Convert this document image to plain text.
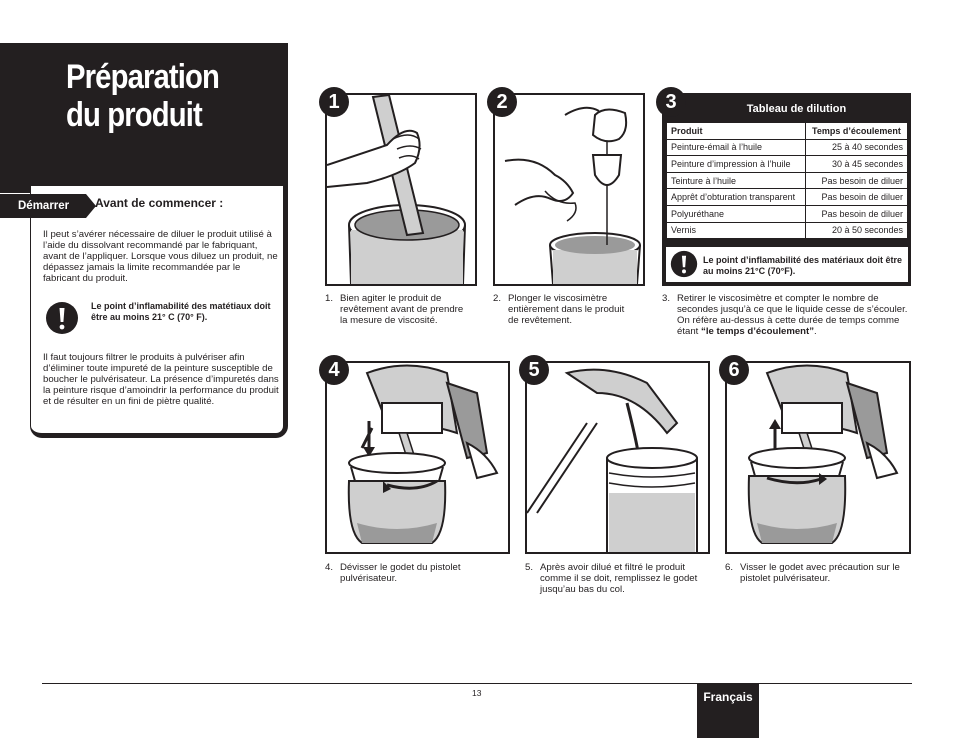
Préparation
du produit
Démarrer	Avant de commencer :

Il peut s’avérer nécessaire de diluer le produit utilisé à l’aide du dissolvant recommandé par le fabriquant, avant de l’appliquer. Lorsque vous diluez un produit, ne dépassez jamais la limite recommandée par le fabricant du produit.

Le point d’inflamabilité des matétiaux doit être au moins 21° C (70° F).

Il faut toujours filtrer le produits à pulvériser afin d’éliminer toute impureté de la peinture susceptible de boucher le pulvérisateur. La présence d’impuretés dans la peinture risque d’amoindrir la performance du produit et de résulter en un fini de piètre qualité.

1
1. Bien agiter le produit de revêtement avant de prendre la mesure de viscosité.
2
2. Plonger le viscosimètre entièrement dans le produit de revêtement.
Tableau de dilution
3
Produit	Temps d’écoulement
Peinture-émail à l’huile	25 à 40 secondes
Peinture d’impression à l’huile	30 à 45 secondes
Teinture à l’huile	Pas besoin de diluer
Apprêt d’obturation transparent	Pas besoin de diluer
Polyuréthane	Pas besoin de diluer
Vernis	20 à 50 secondes
Le point d’inflamabilité des matériaux doit être au moins 21°C (70°F).
3. Retirer le viscosimètre et compter le nombre de secondes jusqu’à ce que le liquide cesse de s’écouler. On réfère au-dessus à cette durée de temps comme étant “le temps d’écoulement”.
4
4. Dévisser le godet du pistolet pulvérisateur.
5
5. Après avoir dilué et filtré le produit comme il se doit, remplissez le godet jusqu’au bas du col.
6
6. Visser le godet avec précaution sur le pistolet pulvérisateur.
13	Français
